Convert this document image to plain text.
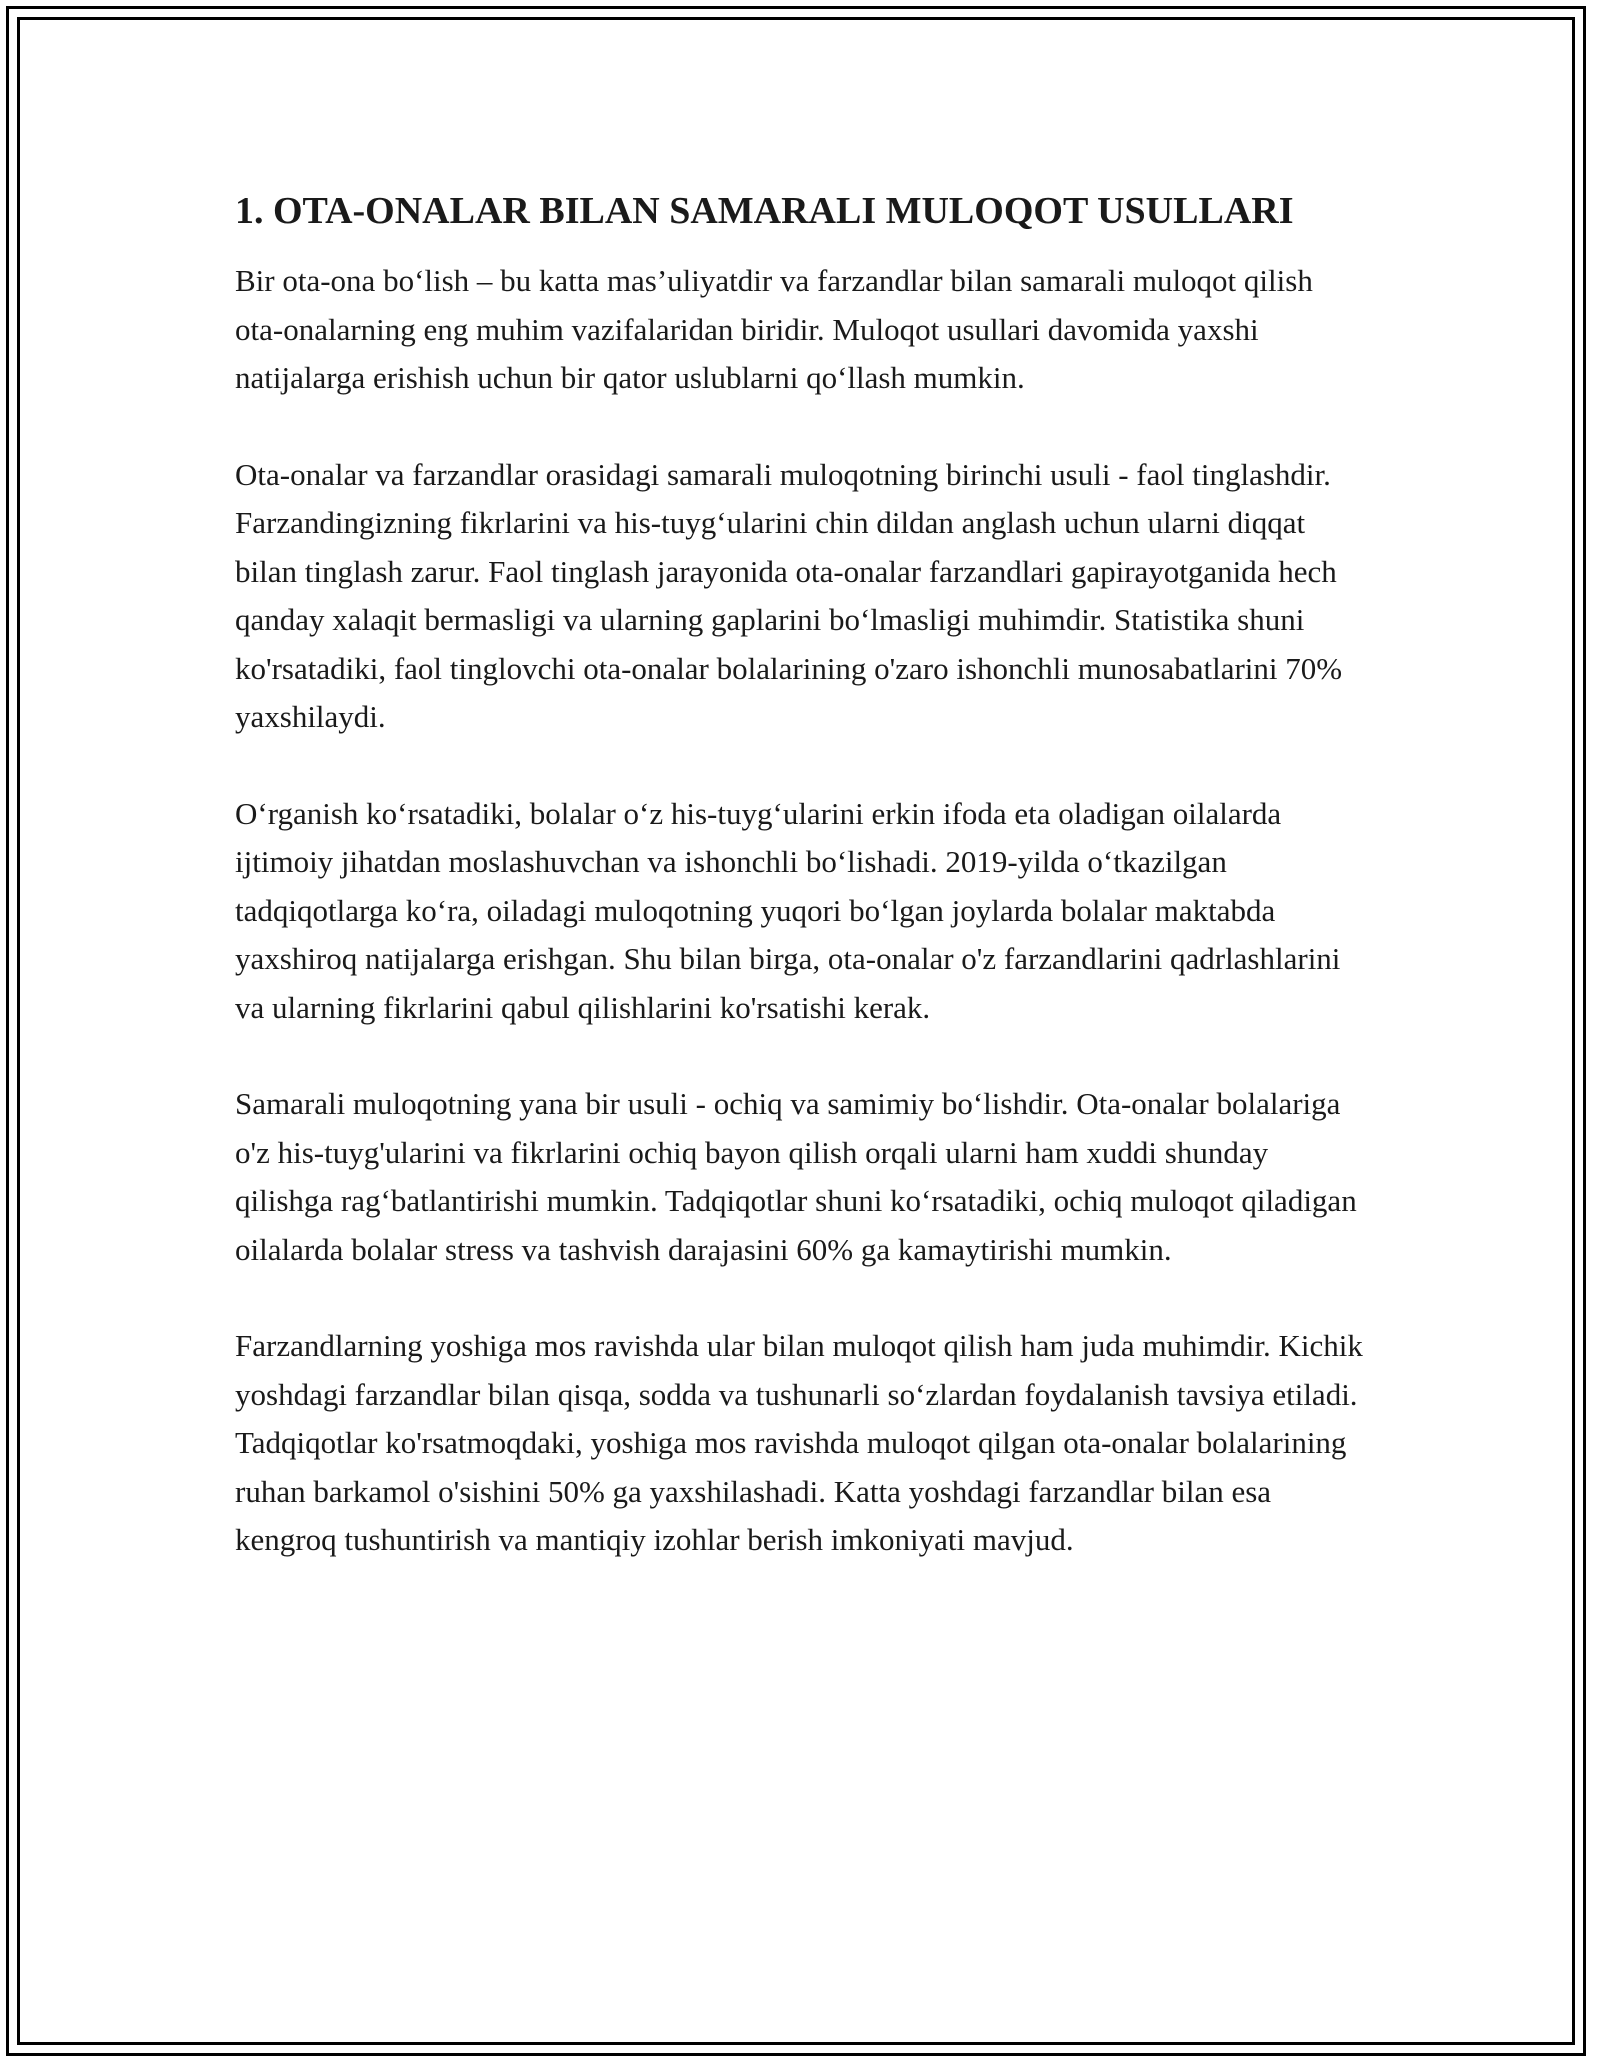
1. OTA-ONALAR BILAN SAMARALI MULOQOT USULLARI

Bir ota-ona bo‘lish – bu katta mas’uliyatdir va farzandlar bilan samarali muloqot qilish ota-onalarning eng muhim vazifalaridan biridir. Muloqot usullari davomida yaxshi natijalarga erishish uchun bir qator uslublarni qo‘llash mumkin.

Ota-onalar va farzandlar orasidagi samarali muloqotning birinchi usuli - faol tinglashdir. Farzandingizning fikrlarini va his-tuyg‘ularini chin dildan anglash uchun ularni diqqat bilan tinglash zarur. Faol tinglash jarayonida ota-onalar farzandlari gapirayotganida hech qanday xalaqit bermasligi va ularning gaplarini bo‘lmasligi muhimdir. Statistika shuni ko'rsatadiki, faol tinglovchi ota-onalar bolalarining o'zaro ishonchli munosabatlarini 70% yaxshilaydi.

O‘rganish ko‘rsatadiki, bolalar o‘z his-tuyg‘ularini erkin ifoda eta oladigan oilalarda ijtimoiy jihatdan moslashuvchan va ishonchli bo‘lishadi. 2019-yilda o‘tkazilgan tadqiqotlarga ko‘ra, oiladagi muloqotning yuqori bo‘lgan joylarda bolalar maktabda yaxshiroq natijalarga erishgan. Shu bilan birga, ota-onalar o'z farzandlarini qadrlashlarini va ularning fikrlarini qabul qilishlarini ko'rsatishi kerak.

Samarali muloqotning yana bir usuli - ochiq va samimiy bo‘lishdir. Ota-onalar bolalariga o'z his-tuyg'ularini va fikrlarini ochiq bayon qilish orqali ularni ham xuddi shunday qilishga rag‘batlantirishi mumkin. Tadqiqotlar shuni ko‘rsatadiki, ochiq muloqot qiladigan oilalarda bolalar stress va tashvish darajasini 60% ga kamaytirishi mumkin.

Farzandlarning yoshiga mos ravishda ular bilan muloqot qilish ham juda muhimdir. Kichik yoshdagi farzandlar bilan qisqa, sodda va tushunarli so‘zlardan foydalanish tavsiya etiladi. Tadqiqotlar ko'rsatmoqdaki, yoshiga mos ravishda muloqot qilgan ota-onalar bolalarining ruhan barkamol o'sishini 50% ga yaxshilashadi. Katta yoshdagi farzandlar bilan esa kengroq tushuntirish va mantiqiy izohlar berish imkoniyati mavjud.
